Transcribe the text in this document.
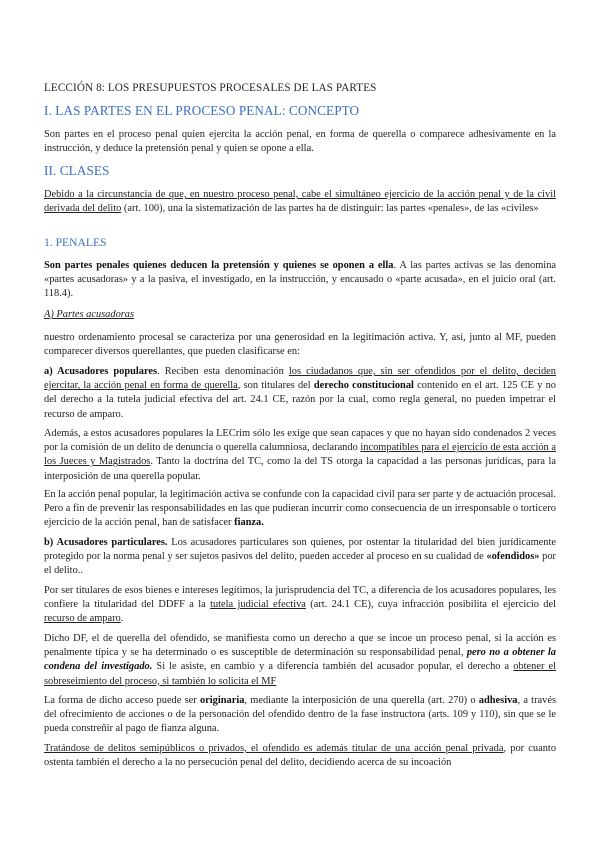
LECCIÓN 8: LOS PRESUPUESTOS PROCESALES DE LAS PARTES

I. LAS PARTES EN EL PROCESO PENAL: CONCEPTO

Son partes en el proceso penal quien ejercita la acción penal, en forma de querella o comparece adhesivamente en la instrucción, y deduce la pretensión penal y quien se opone a ella.

II. CLASES

Debido a la circunstancia de que, en nuestro proceso penal, cabe el simultáneo ejercicio de la acción penal y de la civil derivada del delito (art. 100), una la sistematización de las partes ha de distinguir: las partes «penales», de las «civiles»

1. PENALES

Son partes penales quienes deducen la pretensión y quienes se oponen a ella. A las partes activas se las denomina «partes acusadoras» y a la pasiva, el investigado, en la instrucción, y encausado o «parte acusada», en el juicio oral (art. 118.4).

A) Partes acusadoras

nuestro ordenamiento procesal se caracteriza por una generosidad en la legitimación activa. Y, así, junto al MF, pueden comparecer diversos querellantes, que pueden clasificarse en:

a) Acusadores populares. Reciben esta denominación los ciudadanos que, sin ser ofendidos por el delito, deciden ejercitar, la acción penal en forma de querella, son titulares del derecho constitucional contenido en el art. 125 CE y no del derecho a la tutela judicial efectiva del art. 24.1 CE, razón por la cual, como regla general, no pueden impetrar el recurso de amparo.

Además, a estos acusadores populares la LECrim sólo les exige que sean capaces y que no hayan sido condenados 2 veces por la comisión de un delito de denuncia o querella calumniosa, declarando incompatibles para el ejercicio de esta acción a los Jueces y Magistrados. Tanto la doctrina del TC, como la del TS otorga la capacidad a las personas jurídicas, para la interposición de una querella popular.

En la acción penal popular, la legitimación activa se confunde con la capacidad civil para ser parte y de actuación procesal. Pero a fin de prevenir las responsabilidades en las que pudieran incurrir como consecuencia de un irresponsable o torticero ejercicio de la acción penal, han de satisfacer fianza.

b) Acusadores particulares. Los acusadores particulares son quienes, por ostentar la titularidad del bien jurídicamente protegido por la norma penal y ser sujetos pasivos del delito, pueden acceder al proceso en su cualidad de «ofendidos» por el delito..

Por ser titulares de esos bienes e intereses legítimos, la jurisprudencia del TC, a diferencia de los acusadores populares, les confiere la titularidad del DDFF a la tutela judicial efectiva (art. 24.1 CE), cuya infracción posibilita el ejercicio del recurso de amparo.

Dicho DF, el de querella del ofendido, se manifiesta como un derecho a que se incoe un proceso penal, si la acción es penalmente típica y se ha determinado o es susceptible de determinación su responsabilidad penal, pero no a obtener la condena del investigado. Si le asiste, en cambio y a diferencia también del acusador popular, el derecho a obtener el sobreseimiento del proceso, si también lo solicita el MF

La forma de dicho acceso puede ser originaria, mediante la interposición de una querella (art. 270) o adhesiva, a través del ofrecimiento de acciones o de la personación del ofendido dentro de la fase instructora (arts. 109 y 110), sin que se le pueda constreñir al pago de fianza alguna.

Tratándose de delitos semipúblicos o privados, el ofendido es además titular de una acción penal privada, por cuanto ostenta también el derecho a la no persecución penal del delito, decidiendo acerca de su incoación
